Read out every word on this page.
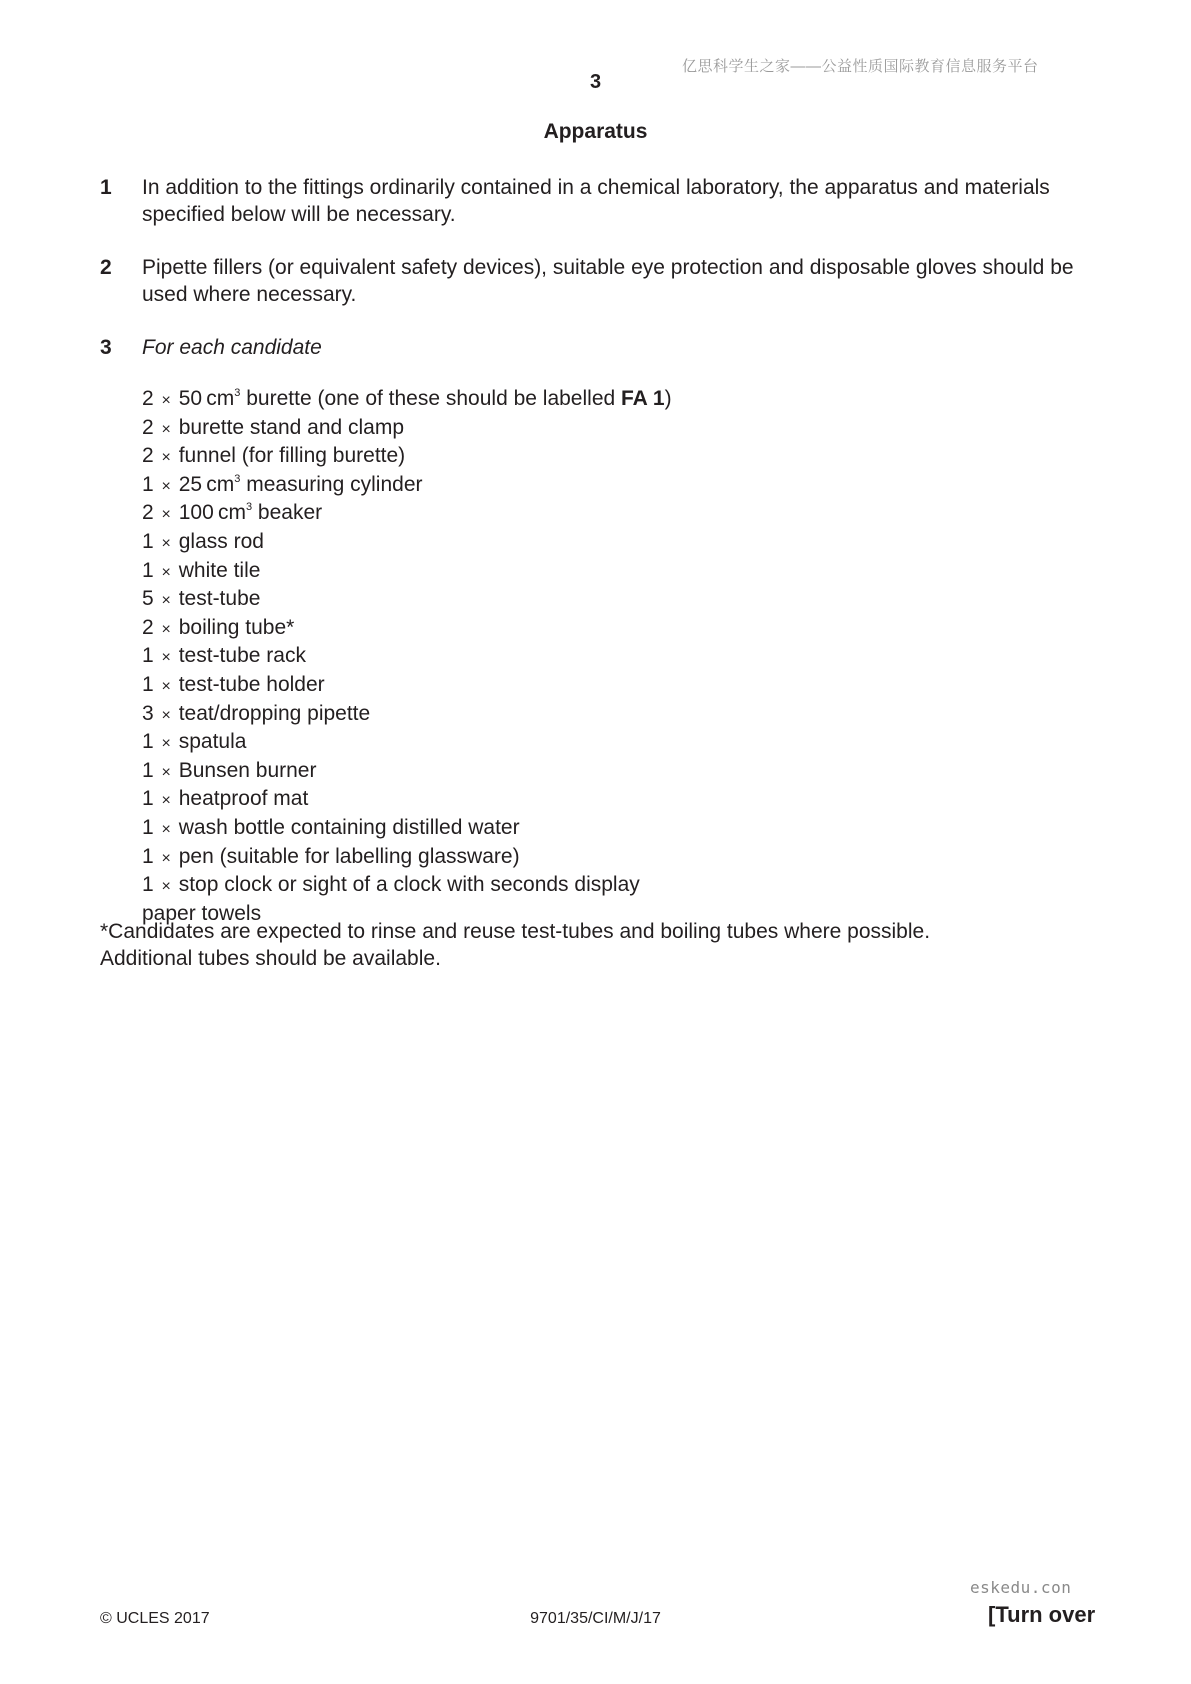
亿思科学生之家——公益性质国际教育信息服务平台
3
Apparatus
1 In addition to the fittings ordinarily contained in a chemical laboratory, the apparatus and materials specified below will be necessary.
2 Pipette fillers (or equivalent safety devices), suitable eye protection and disposable gloves should be used where necessary.
3 For each candidate
2 × 50 $cm^3$ burette (one of these should be labelled FA 1)
2 × burette stand and clamp
2 × funnel (for filling burette)
1 × 25 $cm^3$ measuring cylinder
2 × 100 $cm^3$ beaker
1 × glass rod
1 × white tile
5 × test-tube
2 × boiling tube*
1 × test-tube rack
1 × test-tube holder
3 × teat/dropping pipette
1 × spatula
1 × Bunsen burner
1 × heatproof mat
1 × wash bottle containing distilled water
1 × pen (suitable for labelling glassware)
1 × stop clock or sight of a clock with seconds display
paper towels
*Candidates are expected to rinse and reuse test-tubes and boiling tubes where possible.
Additional tubes should be available.
eskedu.con
© UCLES 2017	9701/35/CI/M/J/17	[Turn over
